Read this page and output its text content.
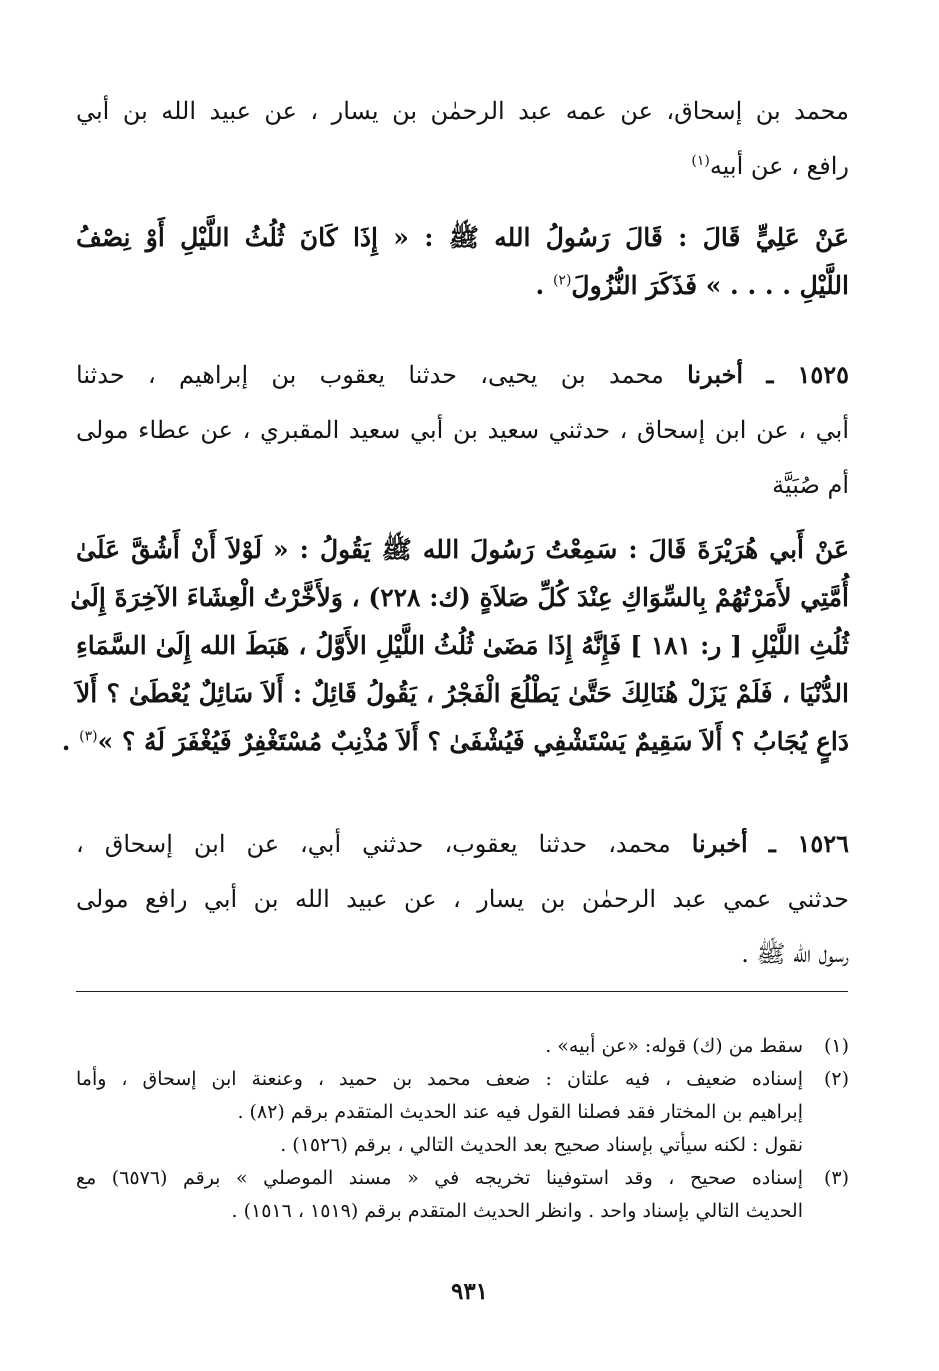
محمد بن إسحاق، عن عمه عبد الرحمٰن بن يسار ، عن عبيد الله بن أبي
رافع ، عن أبيه$^{(١)}$
عَنْ عَلِيٍّ قَالَ : قَالَ رَسُولُ الله ﷺ : « إِذَا كَانَ ثُلُثُ اللَّيْلِ أَوْ نِصْفُ
اللَّيْلِ . . . . » فَذَكَرَ النُّزُولَ$^{(٢)}$ .
١٥٢٥ ـ أخبرنا محمد بن يحيى، حدثنا يعقوب بن إبراهيم ، حدثنا
أبي ، عن ابن إسحاق ، حدثني سعيد بن أبي سعيد المقبري ، عن عطاء مولى
أم صُبَيَّة
عَنْ أَبي هُرَيْرَةَ قَالَ : سَمِعْتُ رَسُولَ الله ﷺ يَقُولُ : « لَوْلاَ أَنْ أَشُقَّ عَلَىٰ
أُمَّتِي لأَمَرْتُهُمْ بِالسِّوَاكِ عِنْدَ كُلِّ صَلاَةٍ (ك: ٢٢٨) ، وَلأَخَّرْتُ الْعِشَاءَ الآخِرَةَ إِلَىٰ
ثُلُثِ اللَّيْلِ [ ر: ١٨١ ] فَإِنَّهُ إِذَا مَضَىٰ ثُلُثُ اللَّيْلِ الأَوَّلُ ، هَبَطَ الله إِلَىٰ السَّمَاءِ
الدُّنْيَا ، فَلَمْ يَزَلْ هُنَالِكَ حَتَّىٰ يَطْلُعَ الْفَجْرُ ، يَقُولُ قَائِلٌ : أَلاَ سَائِلٌ يُعْطَىٰ ؟ أَلاَ
دَاعٍ يُجَابُ ؟ أَلاَ سَقِيمٌ يَسْتَشْفِي فَيُشْفَىٰ ؟ أَلاَ مُذْنِبٌ مُسْتَغْفِرٌ فَيُغْفَرَ لَهُ ؟ »$^{(٣)}$ .
١٥٢٦ ـ أخبرنا محمد، حدثنا يعقوب، حدثني أبي، عن ابن إسحاق ،
حدثني عمي عبد الرحمٰن بن يسار ، عن عبيد الله بن أبي رافع مولى
رسول الله ﷺ .
(١)
سقط من (ك) قوله: «عن أبيه» .
(٢)
إسناده ضعيف ، فيه علتان : ضعف محمد بن حميد ، وعنعنة ابن إسحاق ، وأما
إبراهيم بن المختار فقد فصلنا القول فيه عند الحديث المتقدم برقم (٨٢) .
نقول : لكنه سيأتي بإسناد صحيح بعد الحديث التالي ، برقم (١٥٢٦) .
(٣)
إسناده صحيح ، وقد استوفينا تخريجه في « مسند الموصلي » برقم (٦٥٧٦) مع
الحديث التالي بإسناد واحد . وانظر الحديث المتقدم برقم (١٥١٩ ، ١٥١٦) .
٩٣١
